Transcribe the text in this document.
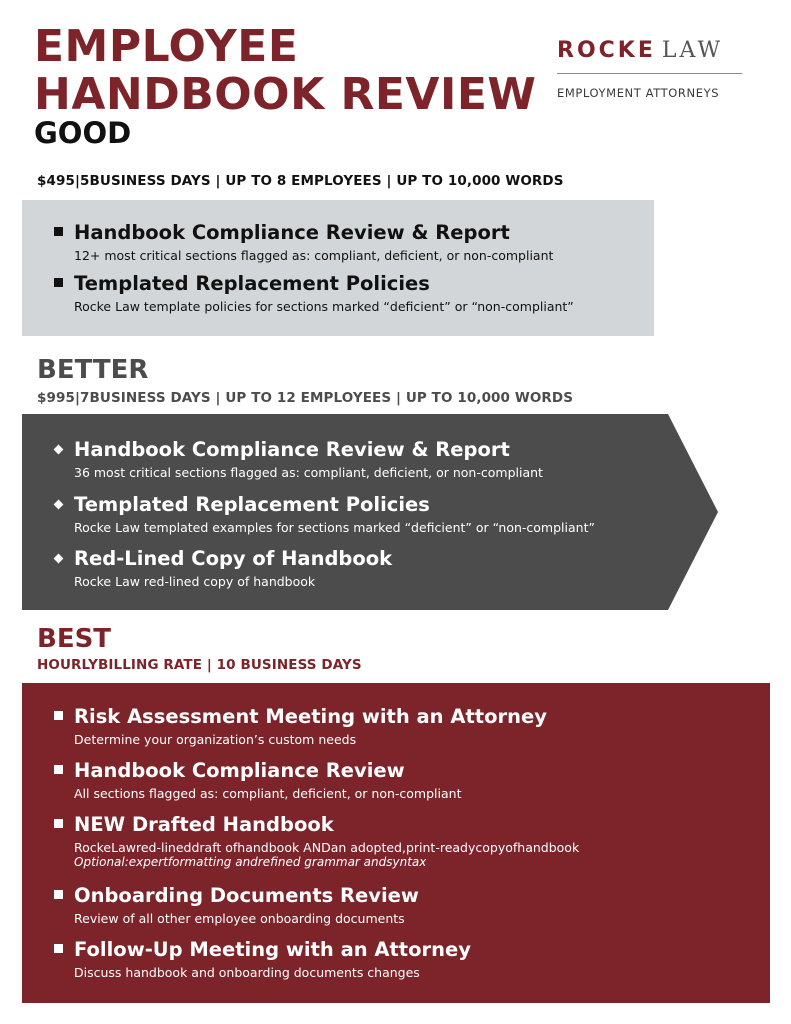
EMPLOYEE
HANDBOOK REVIEW
ROCKE LAW
EMPLOYMENT ATTORNEYS
GOOD
$495|5BUSINESS DAYS | UP TO 8 EMPLOYEES | UP TO 10,000 WORDS
Handbook Compliance Review & Report
12+ most critical sections flagged as: compliant, deficient, or non-compliant
Templated Replacement Policies
Rocke Law template policies for sections marked “deficient” or “non-compliant”
BETTER
$995|7BUSINESS DAYS | UP TO 12 EMPLOYEES | UP TO 10,000 WORDS
Handbook Compliance Review & Report
36 most critical sections flagged as: compliant, deficient, or non-compliant
Templated Replacement Policies
Rocke Law templated examples for sections marked “deficient” or “non-compliant”
Red-Lined Copy of Handbook
Rocke Law red-lined copy of handbook
BEST
HOURLYBILLING RATE | 10 BUSINESS DAYS
Risk Assessment Meeting with an Attorney
Determine your organization’s custom needs
Handbook Compliance Review
All sections flagged as: compliant, deficient, or non-compliant
NEW Drafted Handbook
RockeLawred-lineddraft ofhandbook ANDan adopted,print-readycopyofhandbook
Optional:expertformatting andrefined grammar andsyntax
Onboarding Documents Review
Review of all other employee onboarding documents
Follow-Up Meeting with an Attorney
Discuss handbook and onboarding documents changes
